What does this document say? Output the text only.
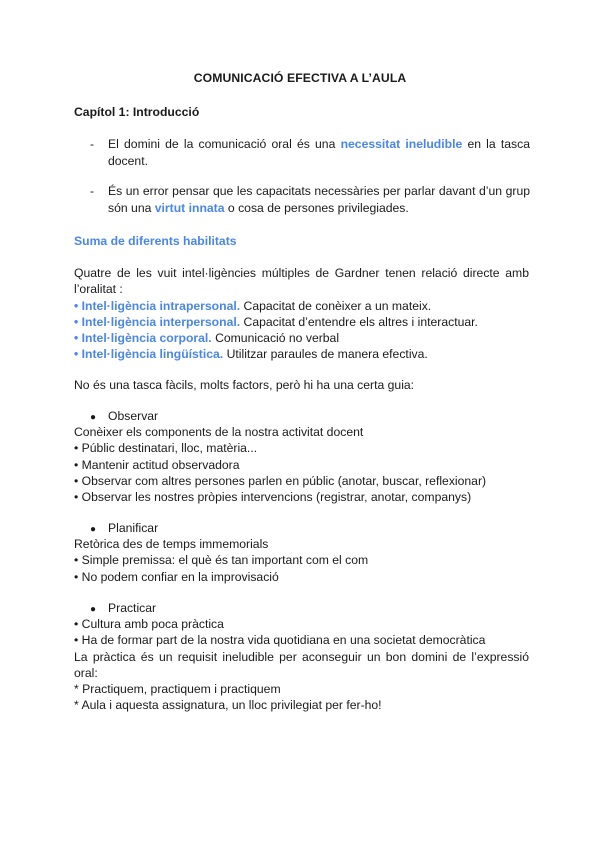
COMUNICACIÓ EFECTIVA A L’AULA
Capítol 1: Introducció
- El domini de la comunicació oral és una necessitat ineludible en la tasca docent.
- És un error pensar que les capacitats necessàries per parlar davant d’un grup són una virtut innata o cosa de persones privilegiades.
Suma de diferents habilitats
Quatre de les vuit intel·ligències múltiples de Gardner tenen relació directe amb l’oralitat :
• Intel·ligència intrapersonal. Capacitat de conèixer a un mateix.
• Intel·ligència interpersonal. Capacitat d’entendre els altres i interactuar.
• Intel·ligència corporal. Comunicació no verbal
• Intel·ligència lingüística. Utilitzar paraules de manera efectiva.
No és una tasca fàcils, molts factors, però hi ha una certa guia:
● Observar
Conèixer els components de la nostra activitat docent
• Públic destinatari, lloc, matèria...
• Mantenir actitud observadora
• Observar com altres persones parlen en públic (anotar, buscar, reflexionar)
• Observar les nostres pròpies intervencions (registrar, anotar, companys)
● Planificar
Retòrica des de temps immemorials
• Simple premissa: el què és tan important com el com
• No podem confiar en la improvisació
● Practicar
• Cultura amb poca pràctica
• Ha de formar part de la nostra vida quotidiana en una societat democràtica
La pràctica és un requisit ineludible per aconseguir un bon domini de l’expressió oral:
* Practiquem, practiquem i practiquem
* Aula i aquesta assignatura, un lloc privilegiat per fer-ho!
